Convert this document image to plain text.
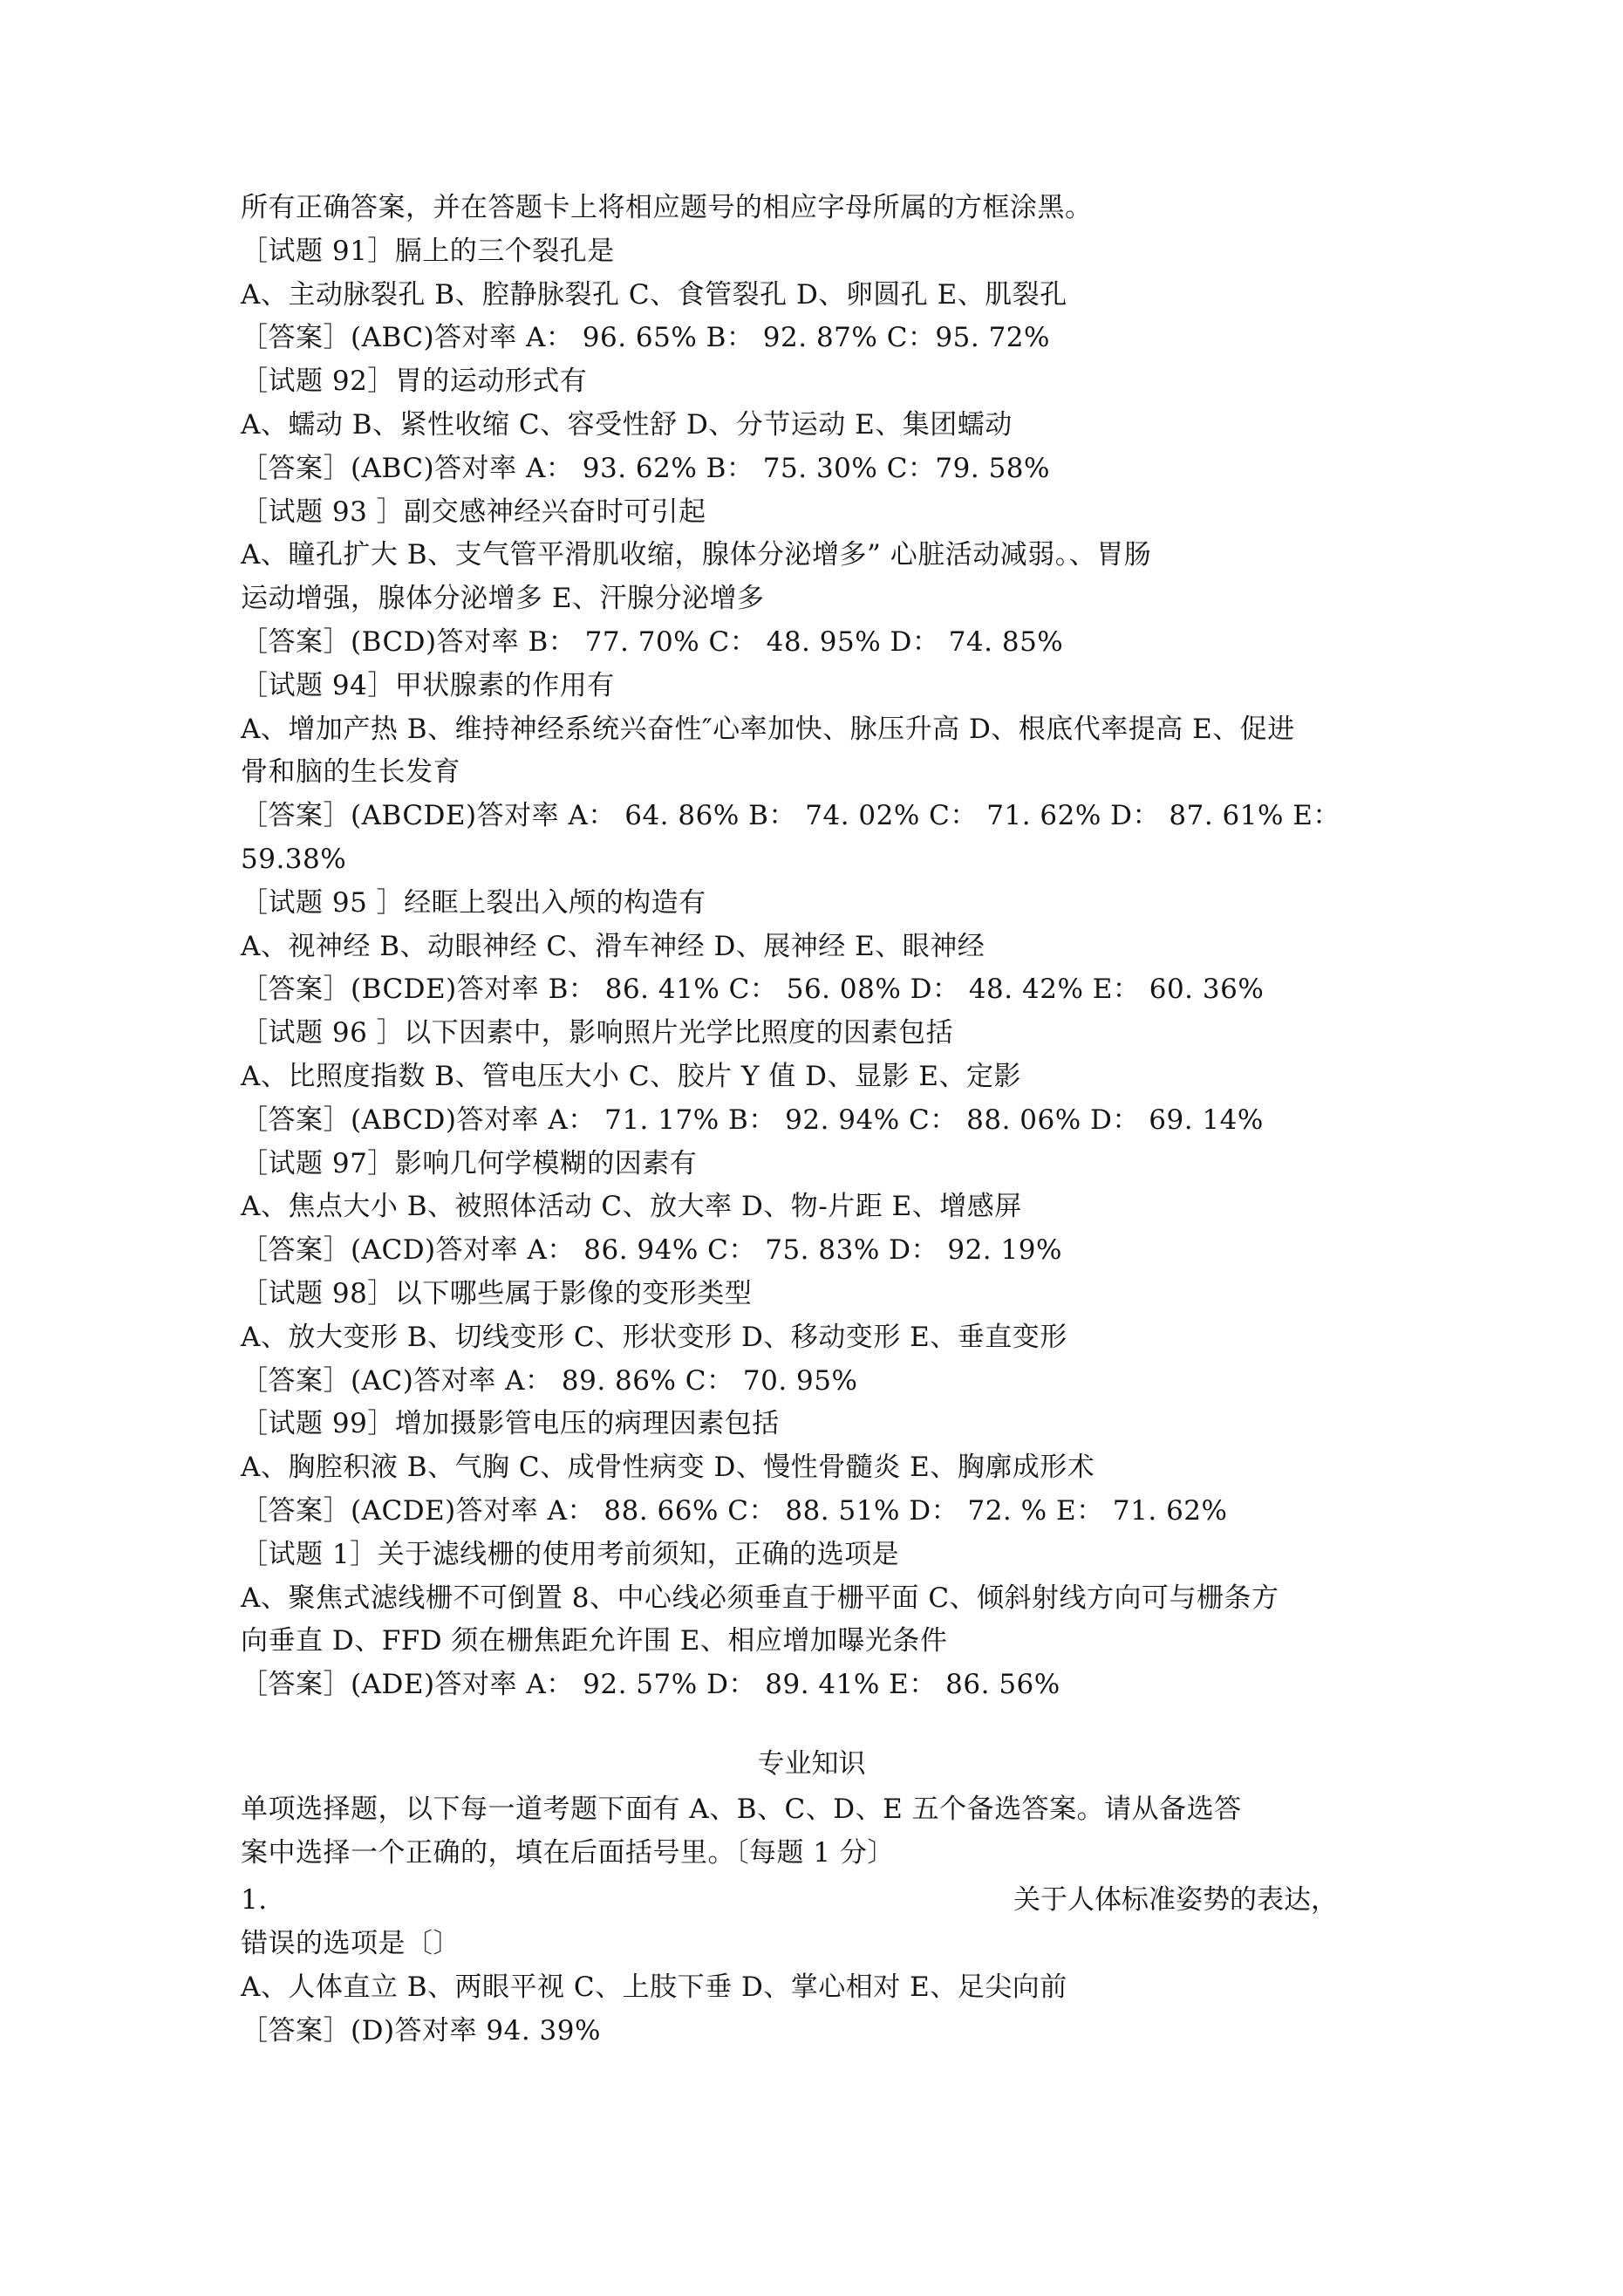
所有正确答案，并在答题卡上将相应题号的相应字母所属的方框涂黑。
［试题 91］膈上的三个裂孔是
A、主动脉裂孔 B、腔静脉裂孔 C、食管裂孔 D、卵圆孔 E、肌裂孔
［答案］(ABC)答对率 A： 96. 65% B： 92. 87% C：95. 72%
［试题 92］胃的运动形式有
A、蠕动 B、紧性收缩 C、容受性舒 D、分节运动 E、集团蠕动
［答案］(ABC)答对率 A： 93. 62% B： 75. 30% C：79. 58%
［试题 93 ］副交感神经兴奋时可引起
A、瞳孔扩大 B、支气管平滑肌收缩，腺体分泌增多” 心脏活动减弱。、胃肠
运动增强，腺体分泌增多 E、汗腺分泌增多
［答案］(BCD)答对率 B： 77. 70% C： 48. 95% D： 74. 85%
［试题 94］甲状腺素的作用有
A、增加产热 B、维持神经系统兴奋性″心率加快、脉压升高 D、根底代率提高 E、促进
骨和脑的生长发育
［答案］(ABCDE)答对率 A： 64. 86% B： 74. 02% C： 71. 62% D： 87. 61% E：
59.38%
［试题 95 ］经眶上裂出入颅的构造有
A、视神经 B、动眼神经 C、滑车神经 D、展神经 E、眼神经
［答案］(BCDE)答对率 B： 86. 41% C： 56. 08% D： 48. 42% E： 60. 36%
［试题 96 ］以下因素中，影响照片光学比照度的因素包括
A、比照度指数 B、管电压大小 C、胶片 Y 值 D、显影 E、定影
［答案］(ABCD)答对率 A： 71. 17% B： 92. 94% C： 88. 06% D： 69. 14%
［试题 97］影响几何学模糊的因素有
A、焦点大小 B、被照体活动 C、放大率 D、物-片距 E、增感屏
［答案］(ACD)答对率 A： 86. 94% C： 75. 83% D： 92. 19%
［试题 98］以下哪些属于影像的变形类型
A、放大变形 B、切线变形 C、形状变形 D、移动变形 E、垂直变形
［答案］(AC)答对率 A： 89. 86% C： 70. 95%
［试题 99］增加摄影管电压的病理因素包括
A、胸腔积液 B、气胸 C、成骨性病变 D、慢性骨髓炎 E、胸廓成形术
［答案］(ACDE)答对率 A： 88. 66% C： 88. 51% D： 72. % E： 71. 62%
［试题 1］关于滤线栅的使用考前须知，正确的选项是
A、聚焦式滤线栅不可倒置 8、中心线必须垂直于栅平面 C、倾斜射线方向可与栅条方
向垂直 D、FFD 须在栅焦距允许围 E、相应增加曝光条件
［答案］(ADE)答对率 A： 92. 57% D： 89. 41% E： 86. 56%
专业知识
单项选择题，以下每一道考题下面有 A、B、C、D、E 五个备选答案。请从备选答
案中选择一个正确的，填在后面括号里。〔每题 1 分〕
1.	关于人体标准姿势的表达，
错误的选项是〔〕
A、人体直立 B、两眼平视 C、上肢下垂 D、掌心相对 E、足尖向前
［答案］(D)答对率 94. 39%
